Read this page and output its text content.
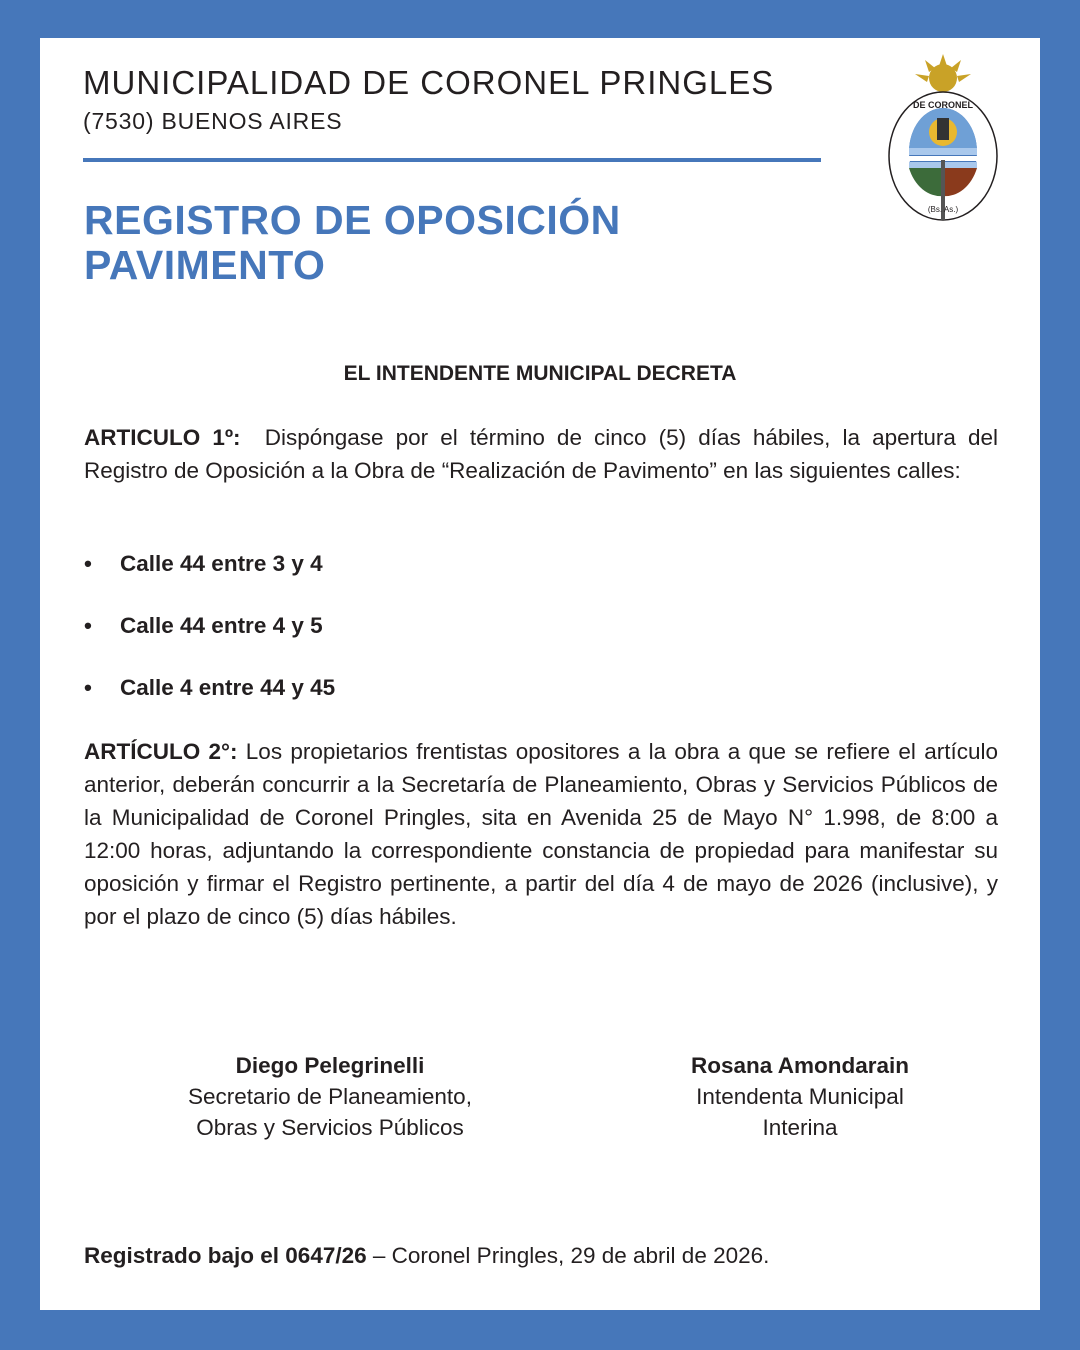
MUNICIPALIDAD DE CORONEL PRINGLES
(7530) BUENOS AIRES
DE CORONEL
(Bs. As.)
REGISTRO DE OPOSICIÓN
PAVIMENTO
EL INTENDENTE MUNICIPAL DECRETA
ARTICULO 1º: Dispóngase por el término de cinco (5) días hábiles, la apertura del Registro de Oposición a la Obra de “Realización de Pavimento” en las siguientes calles:
• Calle 44 entre 3 y 4
• Calle 44 entre 4 y 5
• Calle 4 entre 44 y 45
ARTÍCULO 2°: Los propietarios frentistas opositores a la obra a que se refiere el artículo anterior, deberán concurrir a la Secretaría de Planeamiento, Obras y Servicios Públicos de la Municipalidad de Coronel Pringles, sita en Avenida 25 de Mayo N° 1.998, de 8:00 a 12:00 horas, adjuntando la correspondiente constancia de propiedad para manifestar su oposición y firmar el Registro pertinente, a partir del día 4 de mayo de 2026 (inclusive), y por el plazo de cinco (5) días hábiles.
Diego Pelegrinelli
Secretario de Planeamiento,
Obras y Servicios Públicos
Rosana Amondarain
Intendenta Municipal
Interina
Registrado bajo el 0647/26 – Coronel Pringles, 29 de abril de 2026.
